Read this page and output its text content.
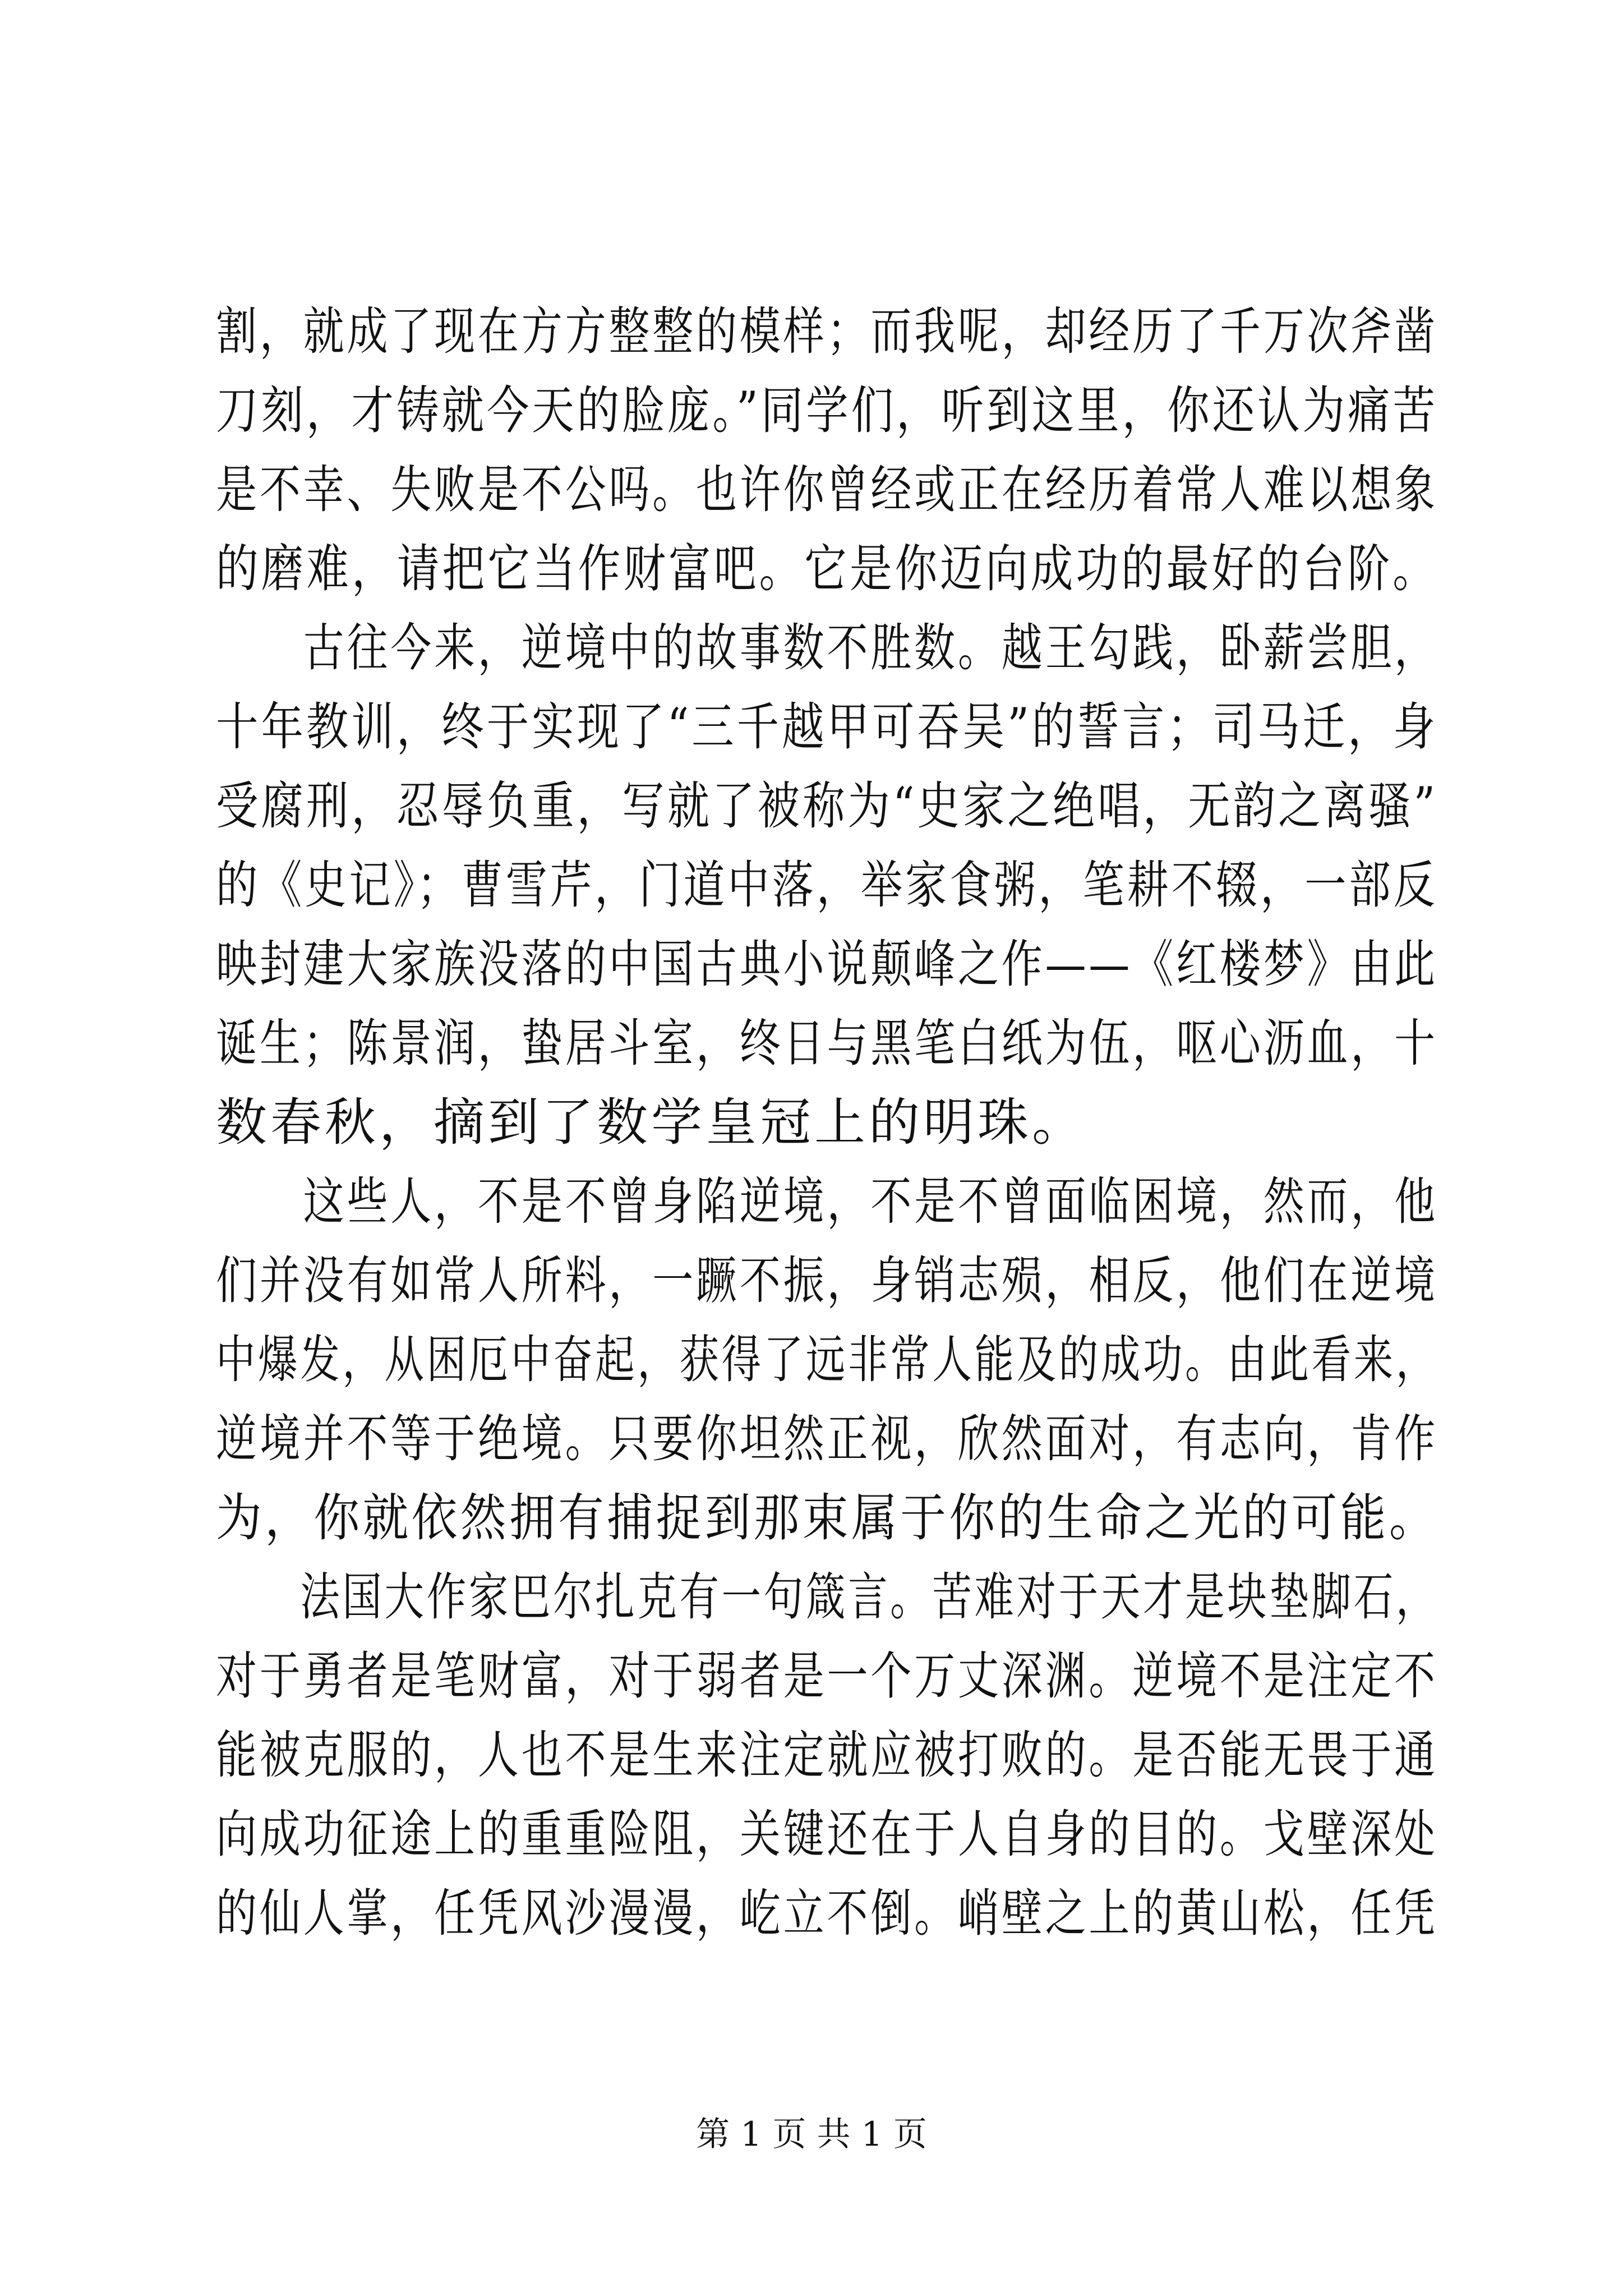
割，就成了现在方方整整的模样；而我呢，却经历了千万次斧凿
刀刻，才铸就今天的脸庞。”同学们，听到这里，你还认为痛苦
是不幸、失败是不公吗。也许你曾经或正在经历着常人难以想象
的磨难，请把它当作财富吧。它是你迈向成功的最好的台阶。
　　古往今来，逆境中的故事数不胜数。越王勾践，卧薪尝胆，
十年教训，终于实现了“三千越甲可吞吴”的誓言；司马迁，身
受腐刑，忍辱负重，写就了被称为“史家之绝唱，无韵之离骚”
的《史记》；曹雪芹，门道中落，举家食粥，笔耕不辍，一部反
映封建大家族没落的中国古典小说颠峰之作——《红楼梦》由此
诞生；陈景润，蛰居斗室，终日与黑笔白纸为伍，呕心沥血，十
数春秋，摘到了数学皇冠上的明珠。
　　这些人，不是不曾身陷逆境，不是不曾面临困境，然而，他
们并没有如常人所料，一蹶不振，身销志殒，相反，他们在逆境
中爆发，从困厄中奋起，获得了远非常人能及的成功。由此看来，
逆境并不等于绝境。只要你坦然正视，欣然面对，有志向，肯作
为，你就依然拥有捕捉到那束属于你的生命之光的可能。
　　法国大作家巴尔扎克有一句箴言。苦难对于天才是块垫脚石，
对于勇者是笔财富，对于弱者是一个万丈深渊。逆境不是注定不
能被克服的，人也不是生来注定就应被打败的。是否能无畏于通
向成功征途上的重重险阻，关键还在于人自身的目的。戈壁深处
的仙人掌，任凭风沙漫漫，屹立不倒。峭壁之上的黄山松，任凭
第 1 页 共 1 页
